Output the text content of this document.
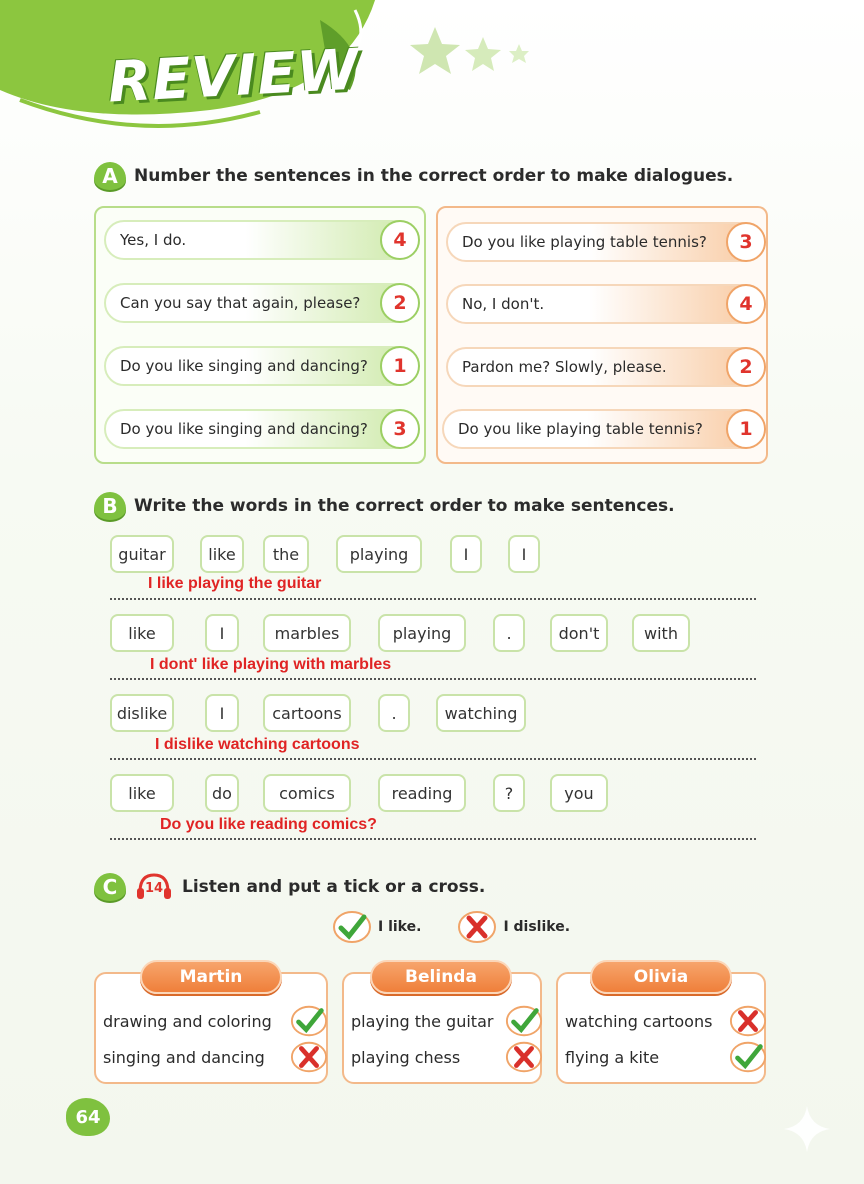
REVIEW
A Number the sentences in the correct order to make dialogues.
Yes, I do.	4
Can you say that again, please?	2
Do you like singing and dancing?	1
Do you like singing and dancing?	3
Do you like playing table tennis?	3
No, I don't.	4
Pardon me? Slowly, please.	2
Do you like playing table tennis?	1
B Write the words in the correct order to make sentences.
guitar	like	the	playing	I	I
I like playing the guitar
like	I	marbles	playing	.	don't	with
I dont' like playing with marbles
dislike	I	cartoons	.	watching
I dislike watching cartoons
like	do	comics	reading	?	you
Do you like reading comics?
C	14 Listen and put a tick or a cross.
I like.	I dislike.
Martin
drawing and coloring
singing and dancing
Belinda
playing the guitar
playing chess
Olivia
watching cartoons
flying a kite
64
